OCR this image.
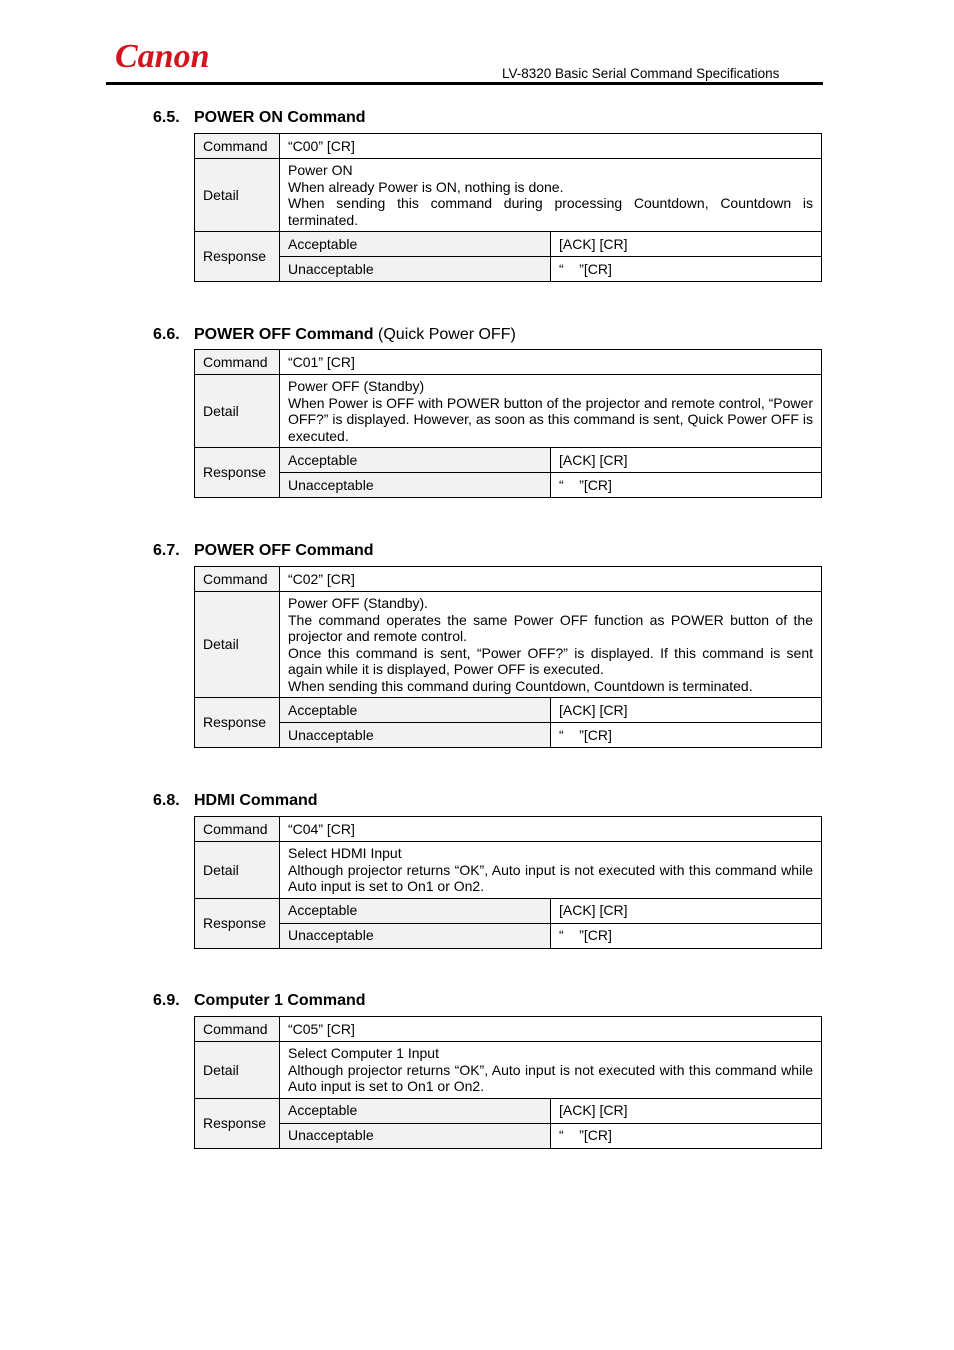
Canon	LV-8320 Basic Serial Command Specifications
6.5. POWER ON Command
Command	“C00” [CR]	
Detail	Power ON
When already Power is ON, nothing is done.
When sending this command during processing Countdown, Countdown is terminated.	

Response	Acceptable	[ACK] [CR]
	Unacceptable	“    ”[CR]
6.6. POWER OFF Command (Quick Power OFF)
Command	“C01” [CR]	
Detail	Power OFF (Standby)
When Power is OFF with POWER button of the projector and remote control, “Power OFF?” is displayed. However, as soon as this command is sent, Quick Power OFF is executed.	

Response	Acceptable	[ACK] [CR]
	Unacceptable	“    ”[CR]
6.7. POWER OFF Command
Command	“C02” [CR]	
Detail	Power OFF (Standby).
The command operates the same Power OFF function as POWER button of the projector and remote control.
Once this command is sent, “Power OFF?” is displayed. If this command is sent again while it is displayed, Power OFF is executed.
When sending this command during Countdown, Countdown is terminated.	

Response	Acceptable	[ACK] [CR]
	Unacceptable	“    ”[CR]
6.8. HDMI Command
Command	“C04” [CR]	
Detail	Select HDMI Input
Although projector returns “OK”, Auto input is not executed with this command while Auto input is set to On1 or On2.	

Response	Acceptable	[ACK] [CR]
	Unacceptable	“    ”[CR]
6.9. Computer 1 Command
Command	“C05” [CR]	
Detail	Select Computer 1 Input
Although projector returns “OK”, Auto input is not executed with this command while Auto input is set to On1 or On2.	

Response	Acceptable	[ACK] [CR]
	Unacceptable	“    ”[CR]
